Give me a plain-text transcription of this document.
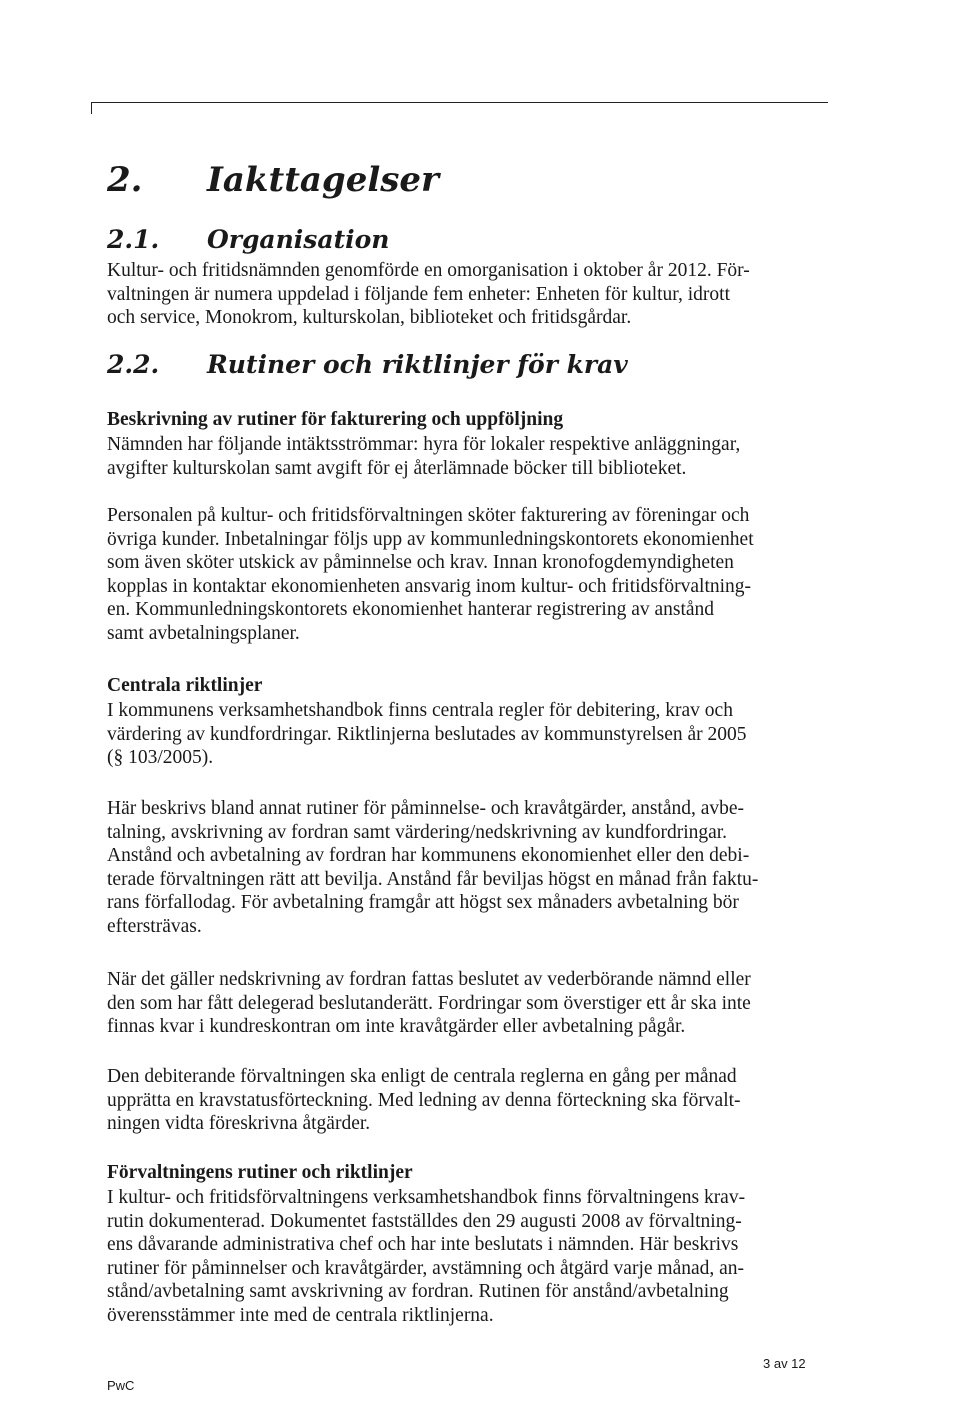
2. Iakttagelser
2.1. Organisation
Kultur- och fritidsnämnden genomförde en omorganisation i oktober år 2012. För-
valtningen är numera uppdelad i följande fem enheter: Enheten för kultur, idrott
och service, Monokrom, kulturskolan, biblioteket och fritidsgårdar.
2.2. Rutiner och riktlinjer för krav

Beskrivning av rutiner för fakturering och uppföljning

Nämnden har följande intäktsströmmar: hyra för lokaler respektive anläggningar,
avgifter kulturskolan samt avgift för ej återlämnade böcker till biblioteket.
Personalen på kultur- och fritidsförvaltningen sköter fakturering av föreningar och
övriga kunder. Inbetalningar följs upp av kommunledningskontorets ekonomienhet
som även sköter utskick av påminnelse och krav. Innan kronofogdemyndigheten
kopplas in kontaktar ekonomienheten ansvarig inom kultur- och fritidsförvaltning-
en. Kommunledningskontorets ekonomienhet hanterar registrering av anstånd
samt avbetalningsplaner.

Centrala riktlinjer

I kommunens verksamhetshandbok finns centrala regler för debitering, krav och
värdering av kundfordringar. Riktlinjerna beslutades av kommunstyrelsen år 2005
(§ 103/2005).
Här beskrivs bland annat rutiner för påminnelse- och kravåtgärder, anstånd, avbe-
talning, avskrivning av fordran samt värdering/nedskrivning av kundfordringar.
Anstånd och avbetalning av fordran har kommunens ekonomienhet eller den debi-
terade förvaltningen rätt att bevilja. Anstånd får beviljas högst en månad från faktu-
rans förfallodag. För avbetalning framgår att högst sex månaders avbetalning bör
eftersträvas.
När det gäller nedskrivning av fordran fattas beslutet av vederbörande nämnd eller
den som har fått delegerad beslutanderätt. Fordringar som överstiger ett år ska inte
finnas kvar i kundreskontran om inte kravåtgärder eller avbetalning pågår.
Den debiterande förvaltningen ska enligt de centrala reglerna en gång per månad
upprätta en kravstatusförteckning. Med ledning av denna förteckning ska förvalt-
ningen vidta föreskrivna åtgärder.

Förvaltningens rutiner och riktlinjer

I kultur- och fritidsförvaltningens verksamhetshandbok finns förvaltningens krav-
rutin dokumenterad. Dokumentet fastställdes den 29 augusti 2008 av förvaltning-
ens dåvarande administrativa chef och har inte beslutats i nämnden. Här beskrivs
rutiner för påminnelser och kravåtgärder, avstämning och åtgärd varje månad, an-
stånd/avbetalning samt avskrivning av fordran. Rutinen för anstånd/avbetalning
överensstämmer inte med de centrala riktlinjerna.
PwC
3 av 12
